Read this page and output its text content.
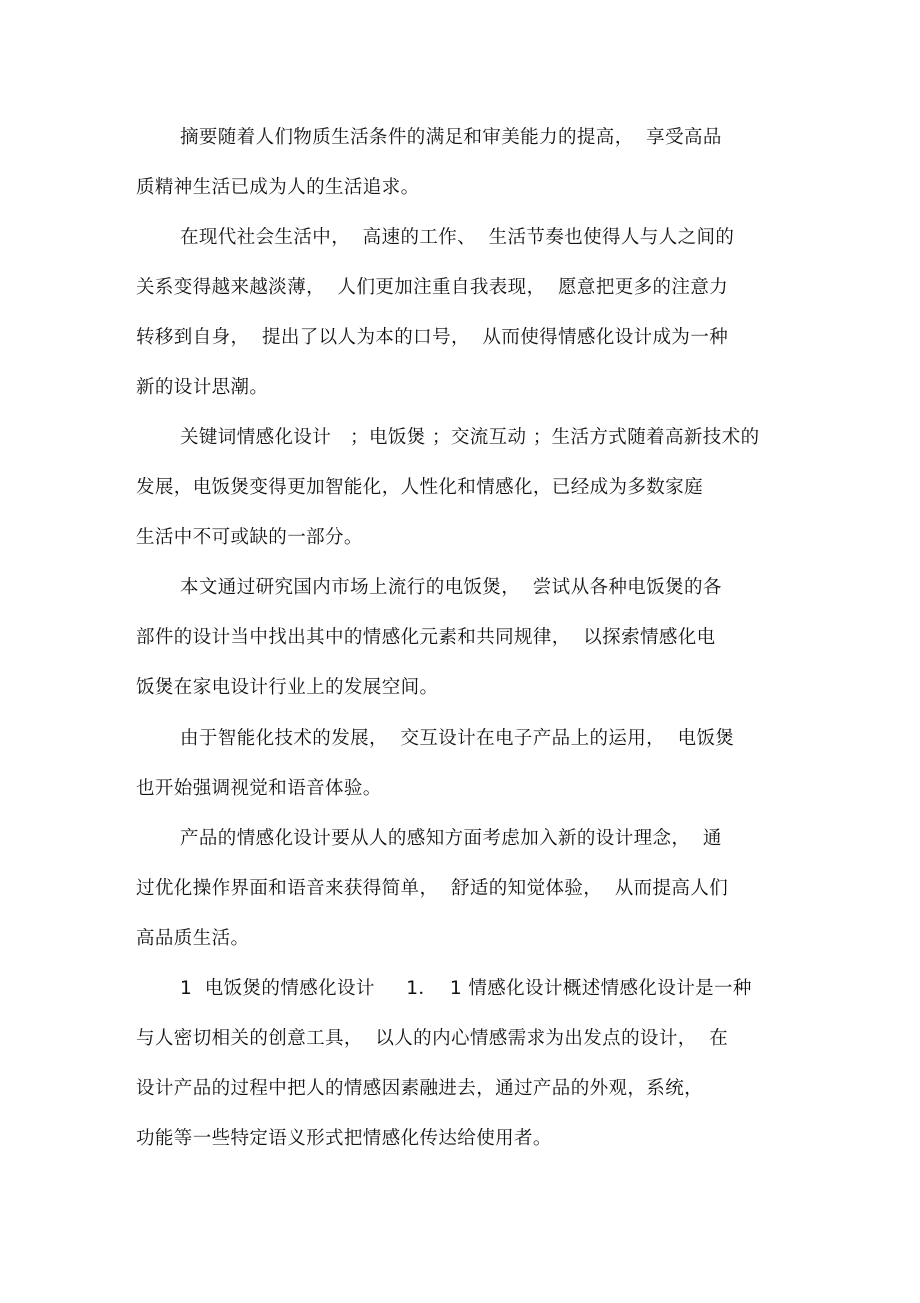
摘要随着人们物质生活条件的满足和审美能力的提高，  享受高品
质精神生活已成为人的生活追求。
在现代社会生活中，  高速的工作、  生活节奏也使得人与人之间的
关系变得越来越淡薄，  人们更加注重自我表现，  愿意把更多的注意力
转移到自身，  提出了以人为本的口号，  从而使得情感化设计成为一种
新的设计思潮。
关键词情感化设计   ；电饭煲 ；交流互动 ；生活方式随着高新技术的
发展，电饭煲变得更加智能化，人性化和情感化，已经成为多数家庭
生活中不可或缺的一部分。
本文通过研究国内市场上流行的电饭煲，  尝试从各种电饭煲的各
部件的设计当中找出其中的情感化元素和共同规律，  以探索情感化电
饭煲在家电设计行业上的发展空间。
由于智能化技术的发展，  交互设计在电子产品上的运用，  电饭煲
也开始强调视觉和语音体验。
产品的情感化设计要从人的感知方面考虑加入新的设计理念，  通
过优化操作界面和语音来获得简单，  舒适的知觉体验，  从而提高人们
高品质生活。
1  电饭煲的情感化设计     1．  1 情感化设计概述情感化设计是一种
与人密切相关的创意工具，  以人的内心情感需求为出发点的设计，  在
设计产品的过程中把人的情感因素融进去，通过产品的外观，系统，
功能等一些特定语义形式把情感化传达给使用者。
